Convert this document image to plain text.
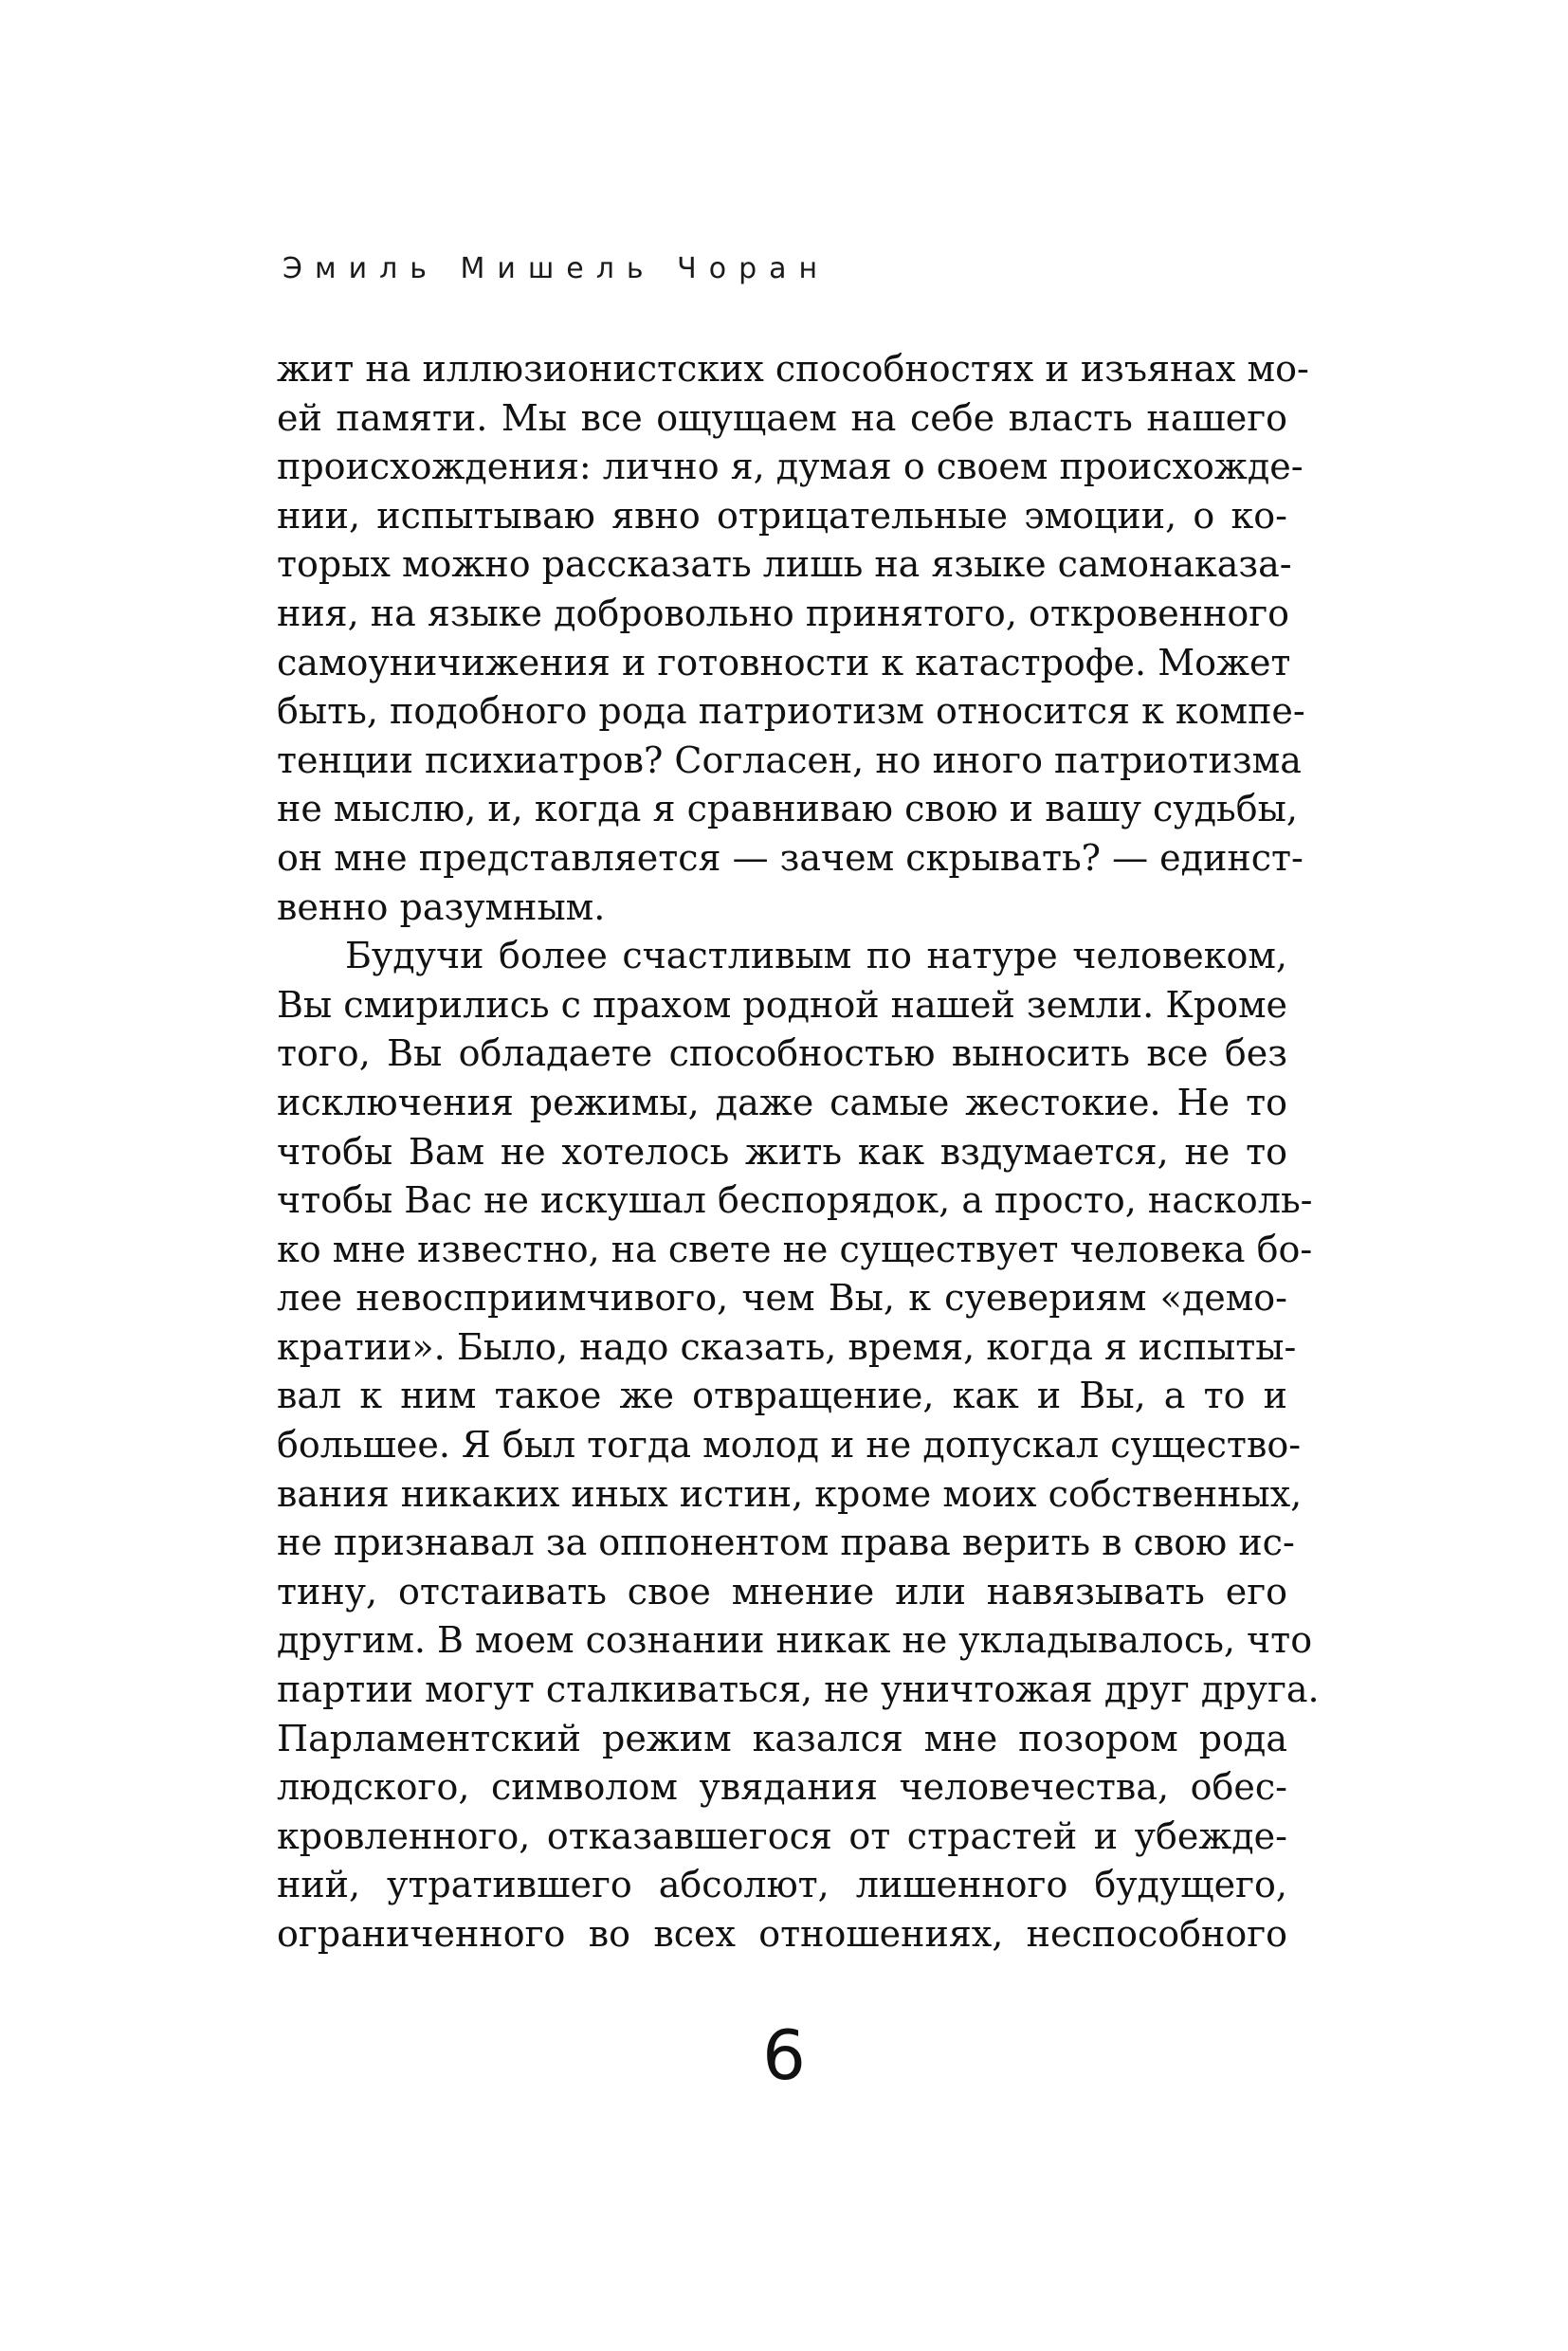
Эмиль Мишель Чоран
жит на иллюзионистских способностях и изъянах мо-
ей памяти. Мы все ощущаем на себе власть нашего
происхождения: лично я, думая о своем происхожде-
нии, испытываю явно отрицательные эмоции, о ко-
торых можно рассказать лишь на языке самонаказа-
ния, на языке добровольно принятого, откровенного
самоуничижения и готовности к катастрофе. Может
быть, подобного рода патриотизм относится к компе-
тенции психиатров? Согласен, но иного патриотизма
не мыслю, и, когда я сравниваю свою и вашу судьбы,
он мне представляется — зачем скрывать? — единст-
венно разумным.
Будучи более счастливым по натуре человеком,
Вы смирились с прахом родной нашей земли. Кроме
того, Вы обладаете способностью выносить все без
исключения режимы, даже самые жестокие. Не то
чтобы Вам не хотелось жить как вздумается, не то
чтобы Вас не искушал беспорядок, а просто, насколь-
ко мне известно, на свете не существует человека бо-
лее невосприимчивого, чем Вы, к суевериям «демо-
кратии». Было, надо сказать, время, когда я испыты-
вал к ним такое же отвращение, как и Вы, а то и
большее. Я был тогда молод и не допускал существо-
вания никаких иных истин, кроме моих собственных,
не признавал за оппонентом права верить в свою ис-
тину, отстаивать свое мнение или навязывать его
другим. В моем сознании никак не укладывалось, что
партии могут сталкиваться, не уничтожая друг друга.
Парламентский режим казался мне позором рода
людского, символом увядания человечества, обес-
кровленного, отказавшегося от страстей и убежде-
ний, утратившего абсолют, лишенного будущего,
ограниченного во всех отношениях, неспособного
6
